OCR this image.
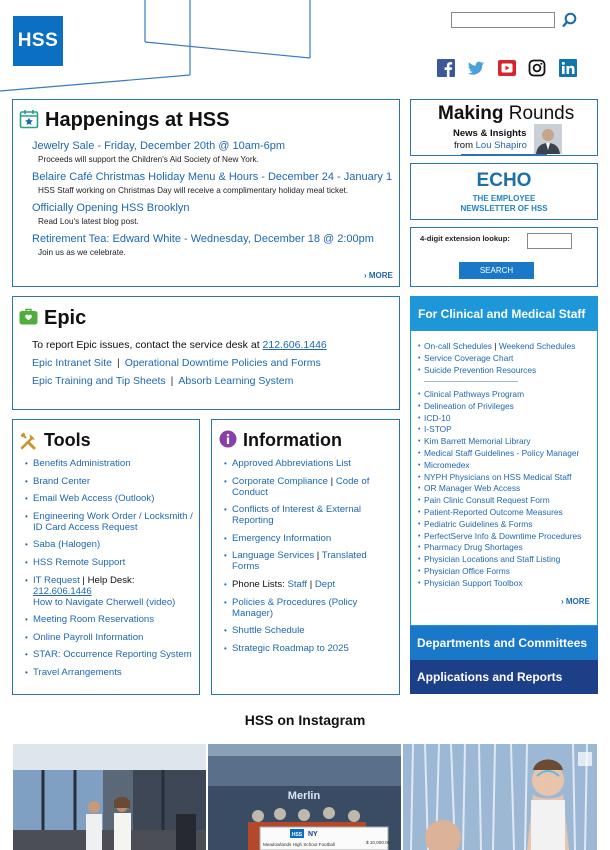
HSS
Happenings at HSS
Jewelry Sale - Friday, December 20th @ 10am-6pm
Proceeds will support the Children's Aid Society of New York.
Belaire Café Christmas Holiday Menu & Hours - December 24 - January 1
HSS Staff working on Christmas Day will receive a complimentary holiday meal ticket.
Officially Opening HSS Brooklyn
Read Lou's latest blog post.
Retirement Tea: Edward White - Wednesday, December 18 @ 2:00pm
Join us as we celebrate.
› MORE
Epic
To report Epic issues, contact the service desk at 212.606.1446
Epic Intranet Site | Operational Downtime Policies and Forms
Epic Training and Tip Sheets | Absorb Learning System
Tools
• Benefits Administration
• Brand Center
• Email Web Access (Outlook)
• Engineering Work Order / Locksmith / ID Card Access Request
• Saba (Halogen)
• HSS Remote Support
• IT Request | Help Desk: 212.606.1446
How to Navigate Cherwell (video)
• Meeting Room Reservations
• Online Payroll Information
• STAR: Occurrence Reporting System
• Travel Arrangements
Information
• Approved Abbreviations List
• Corporate Compliance | Code of Conduct
• Conflicts of Interest & External Reporting
• Emergency Information
• Language Services | Translated Forms
• Phone Lists: Staff | Dept
• Policies & Procedures (Policy Manager)
• Shuttle Schedule
• Strategic Roadmap to 2025
Making Rounds
News & Insights
from Lou Shapiro
ECHO
THE EMPLOYEE
NEWSLETTER OF HSS
4-digit extension lookup:
SEARCH
For Clinical and Medical Staff
• On-call Schedules | Weekend Schedules
• Service Coverage Chart
• Suicide Prevention Resources
• Clinical Pathways Program
• Delineation of Privileges
• ICD-10
• I-STOP
• Kim Barrett Memorial Library
• Medical Staff Guidelines - Policy Manager
• Micromedex
• NYPH Physicians on HSS Medical Staff
• OR Manager Web Access
• Pain Clinic Consult Request Form
• Patient-Reported Outcome Measures
• Pediatric Guidelines & Forms
• PerfectServe Info & Downtime Procedures
• Pharmacy Drug Shortages
• Physician Locations and Staff Listing
• Physician Office Forms
• Physician Support Toolbox
› MORE
Departments and Committees
Applications and Reports
HSS on Instagram
Merlin
HSS NY
Meadowlands High School Football	$ 10,000.00
